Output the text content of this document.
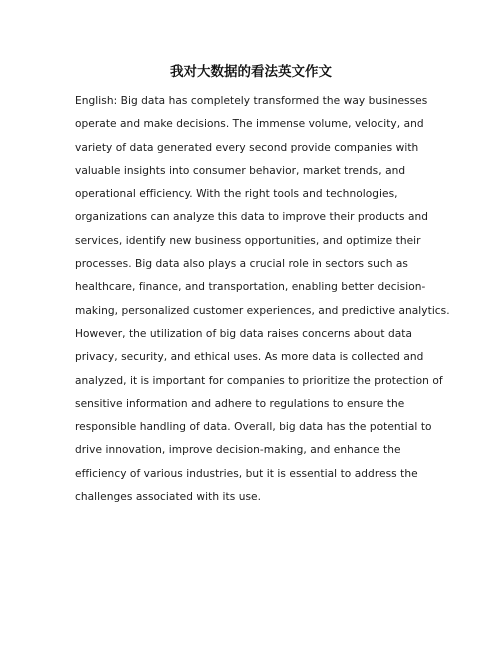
我对大数据的看法英文作文

English: Big data has completely transformed the way businesses
operate and make decisions. The immense volume, velocity, and
variety of data generated every second provide companies with
valuable insights into consumer behavior, market trends, and
operational efficiency. With the right tools and technologies,
organizations can analyze this data to improve their products and
services, identify new business opportunities, and optimize their
processes. Big data also plays a crucial role in sectors such as
healthcare, finance, and transportation, enabling better decision-
making, personalized customer experiences, and predictive analytics.
However, the utilization of big data raises concerns about data
privacy, security, and ethical uses. As more data is collected and
analyzed, it is important for companies to prioritize the protection of
sensitive information and adhere to regulations to ensure the
responsible handling of data. Overall, big data has the potential to
drive innovation, improve decision-making, and enhance the
efficiency of various industries, but it is essential to address the
challenges associated with its use.
